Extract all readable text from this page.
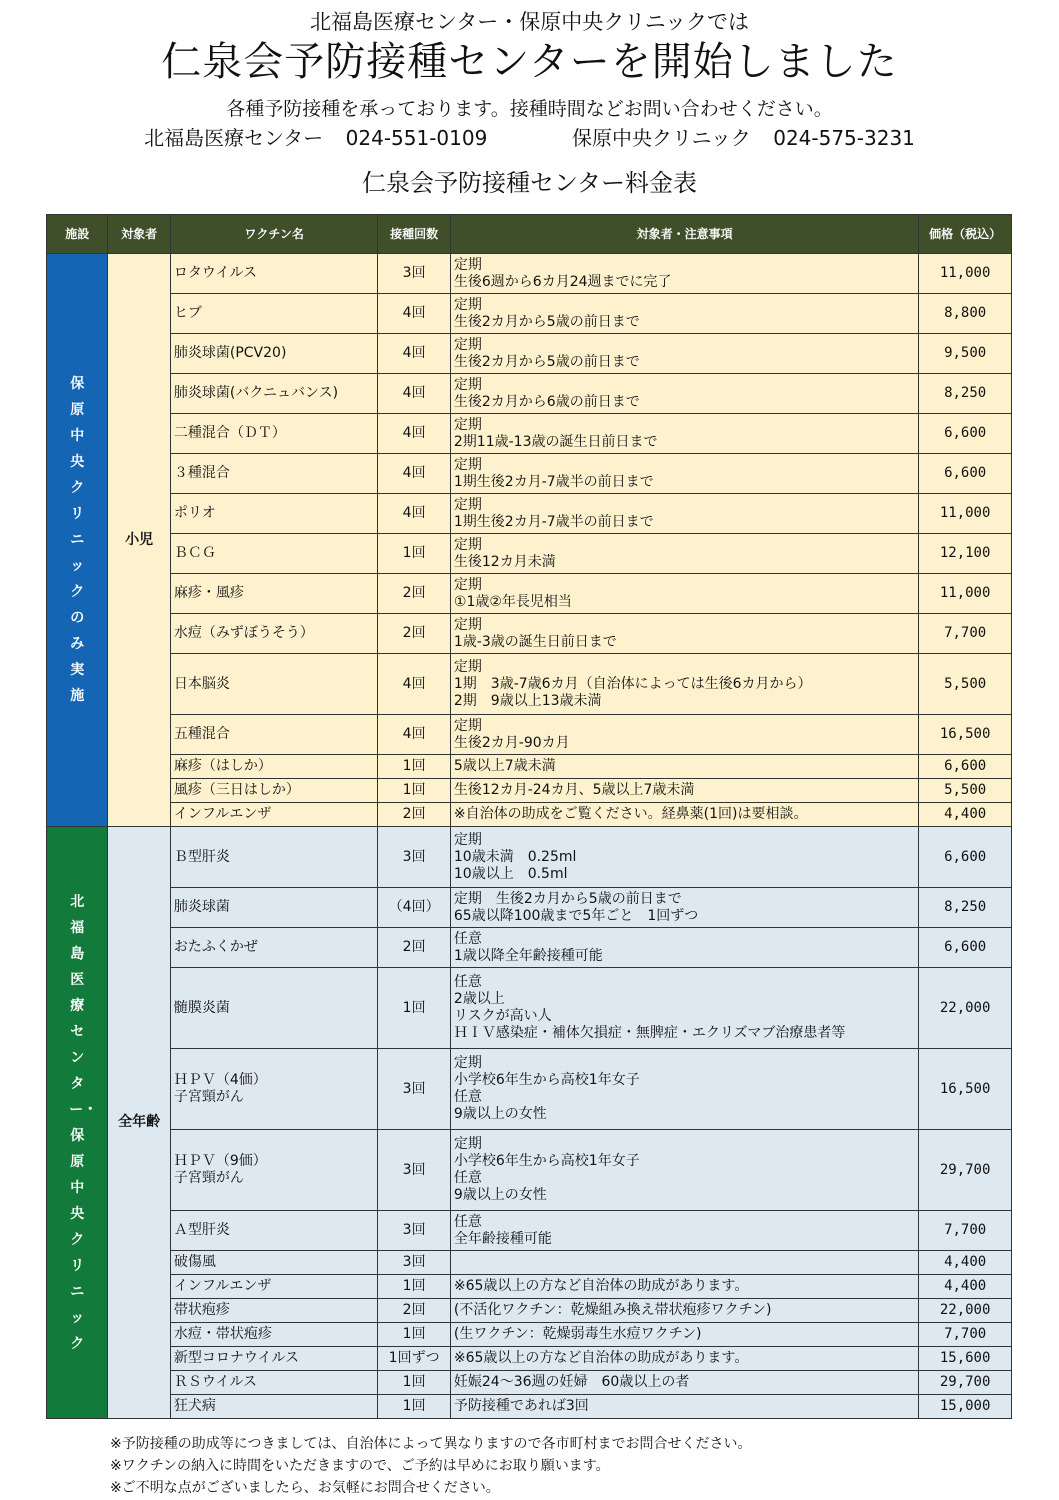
北福島医療センター・保原中央クリニックでは
仁泉会予防接種センターを開始しました
各種予防接種を承っております。接種時間などお問い合わせください。
北福島医療センター 024-551-0109	保原中央クリニック 024-575-3231
仁泉会予防接種センター料金表
施設	対象者	ワクチン名	接種回数	対象者・注意事項	価格（税込）
保原中央クリニックのみ実施	小児	ロタウイルス	3回	定期
生後6週から6カ月24週までに完了	11,000
		ヒブ	4回	定期
生後2カ月から5歳の前日まで	8,800
		肺炎球菌(PCV20)	4回	定期
生後2カ月から5歳の前日まで	9,500
		肺炎球菌(バクニュバンス)	4回	定期
生後2カ月から6歳の前日まで	8,250
		二種混合（ＤＴ）	4回	定期
2期11歳-13歳の誕生日前日まで	6,600
		３種混合	4回	定期
1期生後2カ月-7歳半の前日まで	6,600
		ポリオ	4回	定期
1期生後2カ月-7歳半の前日まで	11,000
		ＢＣＧ	1回	定期
生後12カ月未満	12,100
		麻疹・風疹	2回	定期
①1歳②年長児相当	11,000
		水痘（みずぼうそう）	2回	定期
1歳-3歳の誕生日前日まで	7,700
		日本脳炎	4回	定期
1期　3歳-7歳6カ月（自治体によっては生後6カ月から）
2期　9歳以上13歳未満	5,500
		五種混合	4回	定期
生後2カ月-90カ月	16,500
		麻疹（はしか）	1回	5歳以上7歳未満	6,600
		風疹（三日はしか）	1回	生後12カ月-24カ月、5歳以上7歳未満	5,500
		インフルエンザ	2回	※自治体の助成をご覧ください。経鼻薬(1回)は要相談。	4,400
北福島医療センター・保原中央クリニック	全年齢	Ｂ型肝炎	3回	定期
10歳未満　0.25ml
10歳以上　0.5ml	6,600
		肺炎球菌	（4回）	定期　生後2カ月から5歳の前日まで
65歳以降100歳まで5年ごと　1回ずつ	8,250
		おたふくかぜ	2回	任意
1歳以降全年齢接種可能	6,600
		髄膜炎菌	1回	任意
2歳以上
リスクが高い人
ＨＩＶ感染症・補体欠損症・無脾症・エクリズマブ治療患者等	22,000
		ＨＰＶ（4価）
子宮頸がん	3回	定期
小学校6年生から高校1年女子
任意
9歳以上の女性	16,500
		ＨＰＶ（9価）
子宮頸がん	3回	定期
小学校6年生から高校1年女子
任意
9歳以上の女性	29,700
		Ａ型肝炎	3回	任意
全年齢接種可能	7,700
		破傷風	3回		4,400
		インフルエンザ	1回	※65歳以上の方など自治体の助成があります。	4,400
		帯状疱疹	2回	(不活化ワクチン：乾燥組み換え帯状疱疹ワクチン)	22,000
		水痘・帯状疱疹	1回	(生ワクチン：乾燥弱毒生水痘ワクチン)	7,700
		新型コロナウイルス	1回ずつ	※65歳以上の方など自治体の助成があります。	15,600
		ＲＳウイルス	1回	妊娠24～36週の妊婦　60歳以上の者	29,700
		狂犬病	1回	予防接種であれば3回	15,000
※予防接種の助成等につきましては、自治体によって異なりますので各市町村までお問合せください。
※ワクチンの納入に時間をいただきますので、ご予約は早めにお取り願います。
※ご不明な点がございましたら、お気軽にお問合せください。
